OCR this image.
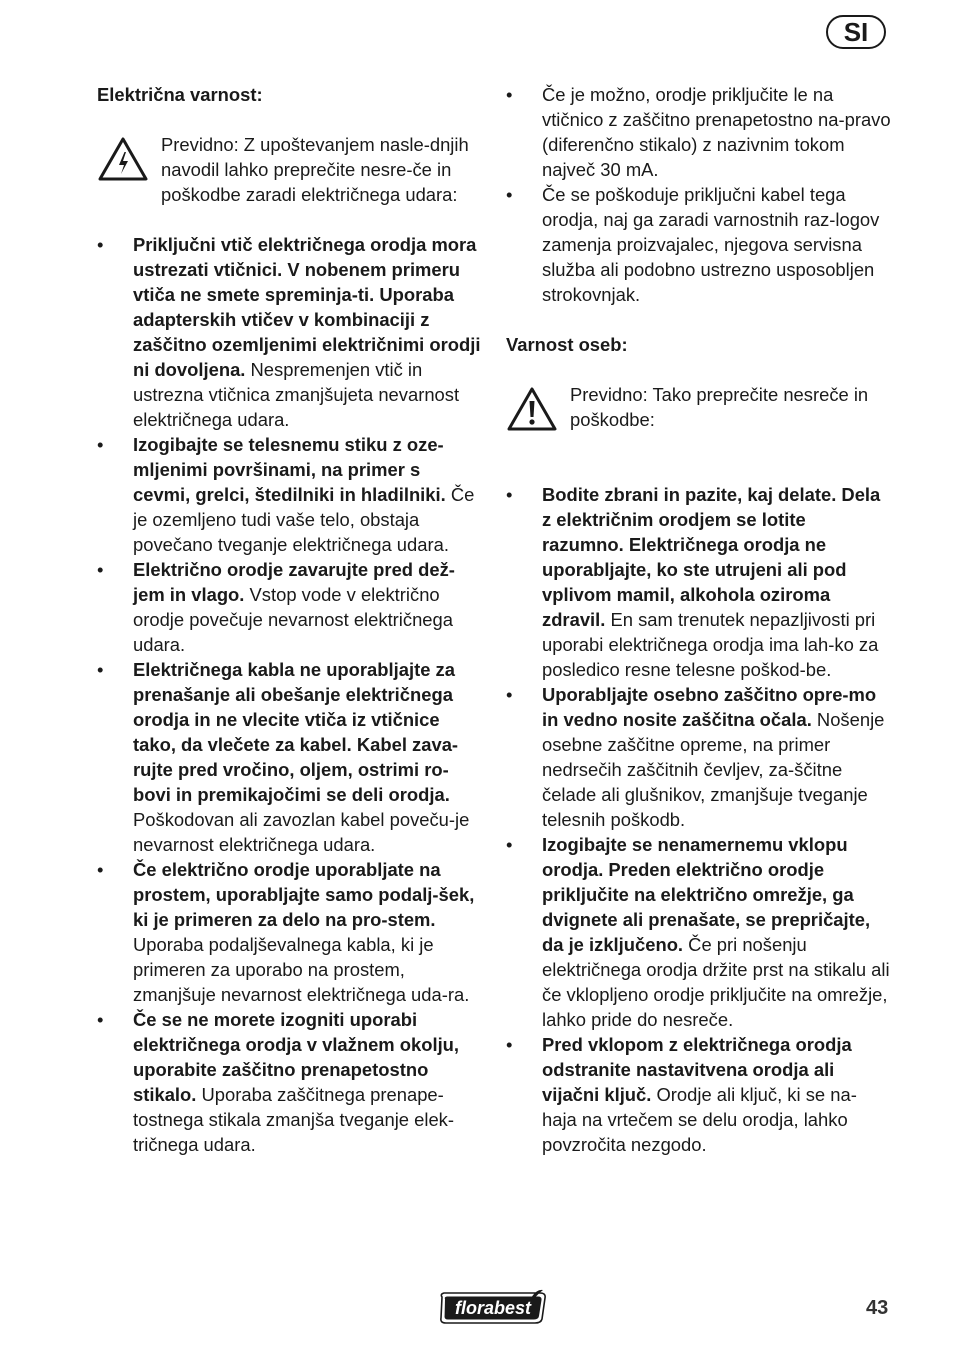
SI

Električna varnost:

Previdno: Z upoštevanjem nasle-dnjih navodil lahko preprečite nesre-če in poškodbe zaradi električnega udara:

• Priključni vtič električnega orodja mora ustrezati vtičnici. V nobenem primeru vtiča ne smete spreminja-ti. Uporaba adapterskih vtičev v kombinaciji z zaščitno ozemljenimi električnimi orodji ni dovoljena. Nespremenjen vtič in ustrezna vtičnica zmanjšujeta nevarnost električnega udara.
• Izogibajte se telesnemu stiku z oze-mljenimi površinami, na primer s cevmi, grelci, štedilniki in hladilniki. Če je ozemljeno tudi vaše telo, obstaja povečano tveganje električnega udara.
• Električno orodje zavarujte pred dež-jem in vlago. Vstop vode v električno orodje povečuje nevarnost električnega udara.
• Električnega kabla ne uporabljajte za prenašanje ali obešanje električnega orodja in ne vlecite vtiča iz vtičnice tako, da vlečete za kabel. Kabel zava-rujte pred vročino, oljem, ostrimi ro-bovi in premikajočimi se deli orodja. Poškodovan ali zavozlan kabel poveču-je nevarnost električnega udara.
• Če električno orodje uporabljate na prostem, uporabljajte samo podalj-šek, ki je primeren za delo na pro-stem. Uporaba podaljševalnega kabla, ki je primeren za uporabo na prostem, zmanjšuje nevarnost električnega uda-ra.
• Če se ne morete izogniti uporabi električnega orodja v vlažnem okolju, uporabite zaščitno prenapetostno stikalo. Uporaba zaščitnega prenape-tostnega stikala zmanjša tveganje elek-tričnega udara.
• Če je možno, orodje priključite le na vtičnico z zaščitno prenapetostno na-pravo (diferenčno stikalo) z nazivnim tokom največ 30 mA.
• Če se poškoduje priključni kabel tega orodja, naj ga zaradi varnostnih raz-logov zamenja proizvajalec, njegova servisna služba ali podobno ustrezno usposobljen strokovnjak.

Varnost oseb:

Previdno: Tako preprečite nesreče in poškodbe:

• Bodite zbrani in pazite, kaj delate. Dela z električnim orodjem se lotite razumno. Električnega orodja ne uporabljajte, ko ste utrujeni ali pod vplivom mamil, alkohola oziroma zdravil. En sam trenutek nepazljivosti pri uporabi električnega orodja ima lah-ko za posledico resne telesne poškod-be.
• Uporabljajte osebno zaščitno opre-mo in vedno nosite zaščitna očala. Nošenje osebne zaščitne opreme, na primer nedrsečih zaščitnih čevljev, za-ščitne čelade ali glušnikov, zmanjšuje tveganje telesnih poškodb.
• Izogibajte se nenamernemu vklopu orodja. Preden električno orodje priključite na električno omrežje, ga dvignete ali prenašate, se prepričajte, da je izključeno. Če pri nošenju električnega orodja držite prst na stikalu ali če vklopljeno orodje priključite na omrežje, lahko pride do nesreče.
• Pred vklopom z električnega orodja odstranite nastavitvena orodja ali vijačni ključ. Orodje ali ključ, ki se na-haja na vrtečem se delu orodja, lahko povzročita nezgodo.
florabest	43
